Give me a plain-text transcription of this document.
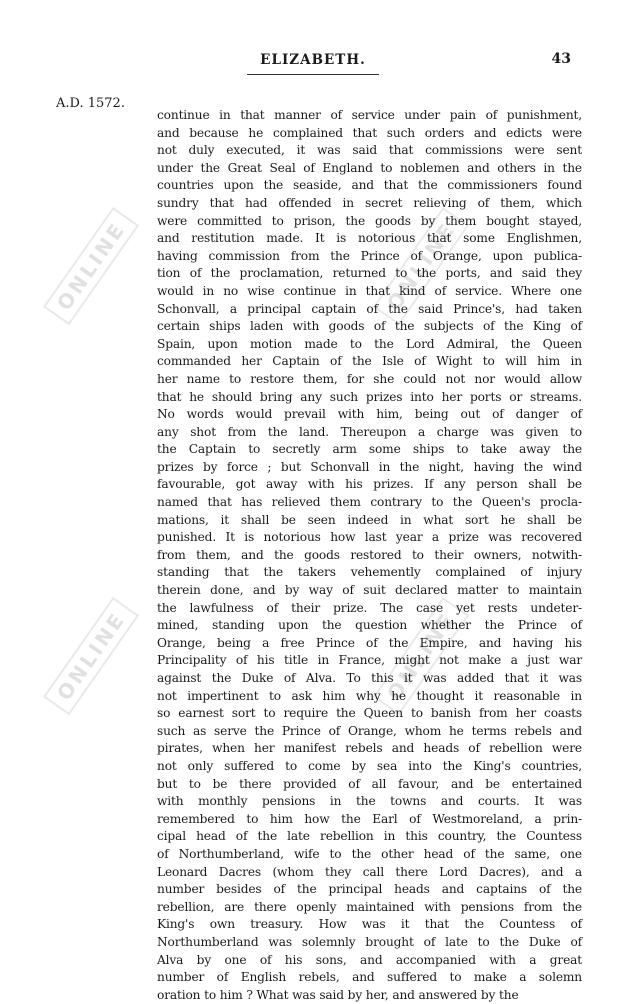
ONLINE	ONLINE
ONLINE	ONLINE
ELIZABETH.	43
A.D. 1572.
continue in that manner of service under pain of punishment,
and because he complained that such orders and edicts were
not duly executed, it was said that commissions were sent
under the Great Seal of England to noblemen and others in the
countries upon the seaside, and that the commissioners found
sundry that had offended in secret relieving of them, which
were committed to prison, the goods by them bought stayed,
and restitution made. It is notorious that some Englishmen,
having commission from the Prince of Orange, upon publica-
tion of the proclamation, returned to the ports, and said they
would in no wise continue in that kind of service. Where one
Schonvall, a principal captain of the said Prince's, had taken
certain ships laden with goods of the subjects of the King of
Spain, upon motion made to the Lord Admiral, the Queen
commanded her Captain of the Isle of Wight to will him in
her name to restore them, for she could not nor would allow
that he should bring any such prizes into her ports or streams.
No words would prevail with him, being out of danger of
any shot from the land. Thereupon a charge was given to
the Captain to secretly arm some ships to take away the
prizes by force ; but Schonvall in the night, having the wind
favourable, got away with his prizes. If any person shall be
named that has relieved them contrary to the Queen's procla-
mations, it shall be seen indeed in what sort he shall be
punished. It is notorious how last year a prize was recovered
from them, and the goods restored to their owners, notwith-
standing that the takers vehemently complained of injury
therein done, and by way of suit declared matter to maintain
the lawfulness of their prize. The case yet rests undeter-
mined, standing upon the question whether the Prince of
Orange, being a free Prince of the Empire, and having his
Principality of his title in France, might not make a just war
against the Duke of Alva. To this it was added that it was
not impertinent to ask him why he thought it reasonable in
so earnest sort to require the Queen to banish from her coasts
such as serve the Prince of Orange, whom he terms rebels and
pirates, when her manifest rebels and heads of rebellion were
not only suffered to come by sea into the King's countries,
but to be there provided of all favour, and be entertained
with monthly pensions in the towns and courts. It was
remembered to him how the Earl of Westmoreland, a prin-
cipal head of the late rebellion in this country, the Countess
of Northumberland, wife to the other head of the same, one
Leonard Dacres (whom they call there Lord Dacres), and a
number besides of the principal heads and captains of the
rebellion, are there openly maintained with pensions from the
King's own treasury. How was it that the Countess of
Northumberland was solemnly brought of late to the Duke of
Alva by one of his sons, and accompanied with a great
number of English rebels, and suffered to make a solemn
oration to him ? What was said by her, and answered by the
